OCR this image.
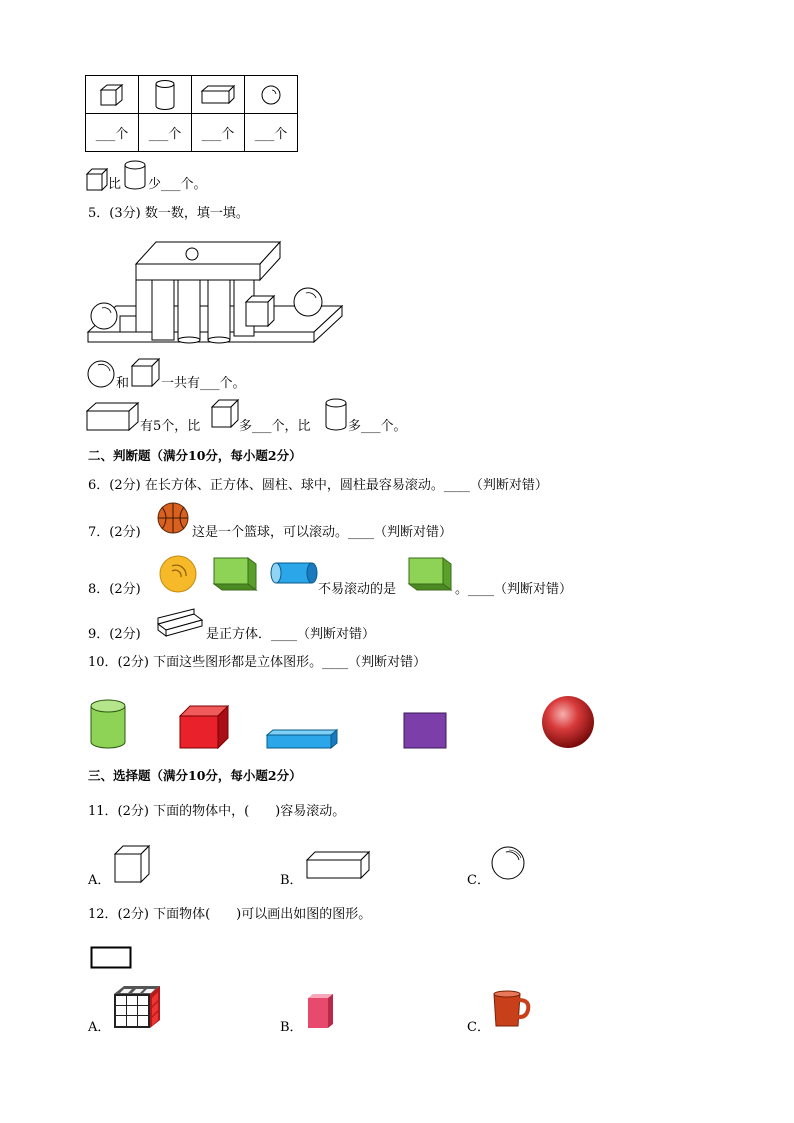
___个	___个	___个	___个
比 少___个。
5．(3分) 数一数，填一填。
和 一共有___个。
有5个，比	多___个，比	多___个。
二、判断题（满分10分，每小题2分）
6．(2分) 在长方体、正方体、圆柱、球中，圆柱最容易滚动。____（判断对错）
7．(2分)	这是一个篮球，可以滚动。____（判断对错）
8．(2分)	不易滚动的是	。____（判断对错）
9．(2分)	是正方体．____（判断对错）
10．(2分) 下面这些图形都是立体图形。____（判断对错）
三、选择题（满分10分，每小题2分）
11．(2分) 下面的物体中，(　　)容易滚动。
A．	B．	C．
12．(2分) 下面物体(　　)可以画出如图的图形。
A．	B．	C．
